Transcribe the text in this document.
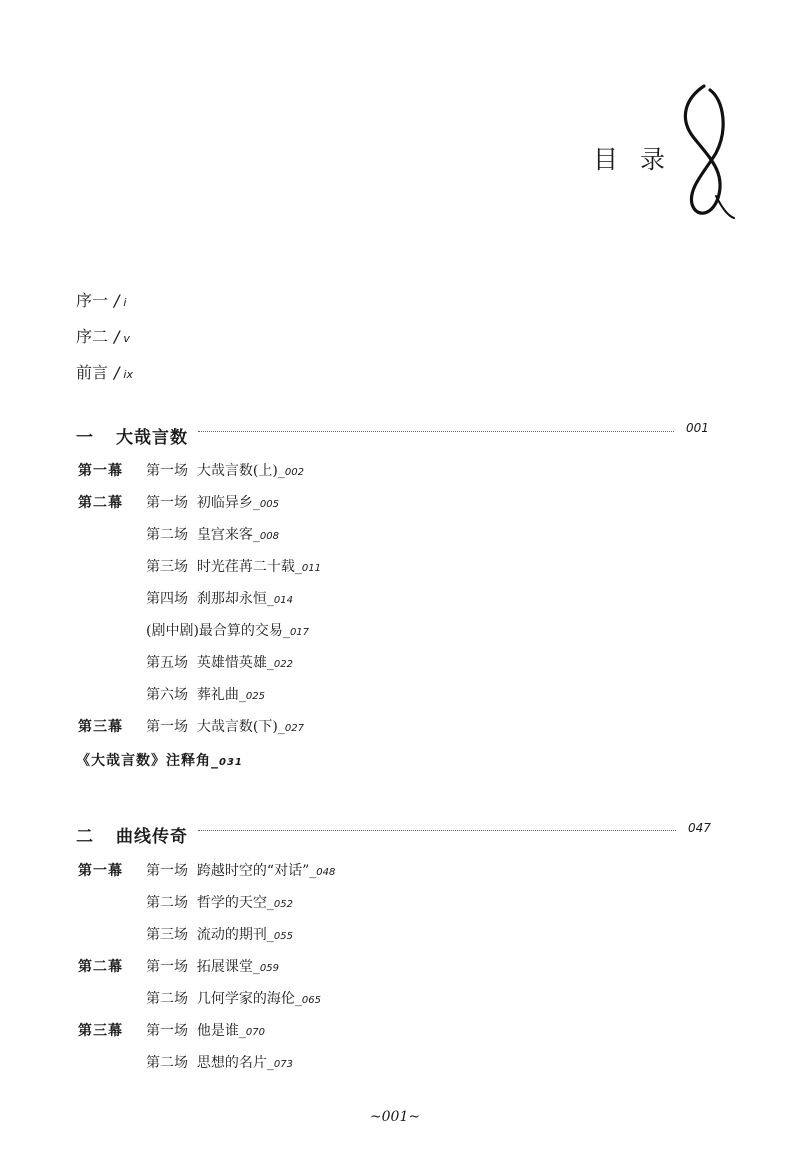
目录
序一 / i
序二 / v
前言 / ix
一 大哉言数	001
第一幕 第一场 大哉言数(上)_002
第二幕 第一场 初临异乡_005
第二场 皇宫来客_008
第三场 时光荏苒二十载_011
第四场 刹那却永恒_014
(剧中剧)最合算的交易_017
第五场 英雄惜英雄_022
第六场 葬礼曲_025
第三幕 第一场 大哉言数(下)_027
《大哉言数》注释角_031
二 曲线传奇	047
第一幕 第一场 跨越时空的“对话”_048
第二场 哲学的天空_052
第三场 流动的期刊_055
第二幕 第一场 拓展课堂_059
第二场 几何学家的海伦_065
第三幕 第一场 他是谁_070
第二场 思想的名片_073
~001~
